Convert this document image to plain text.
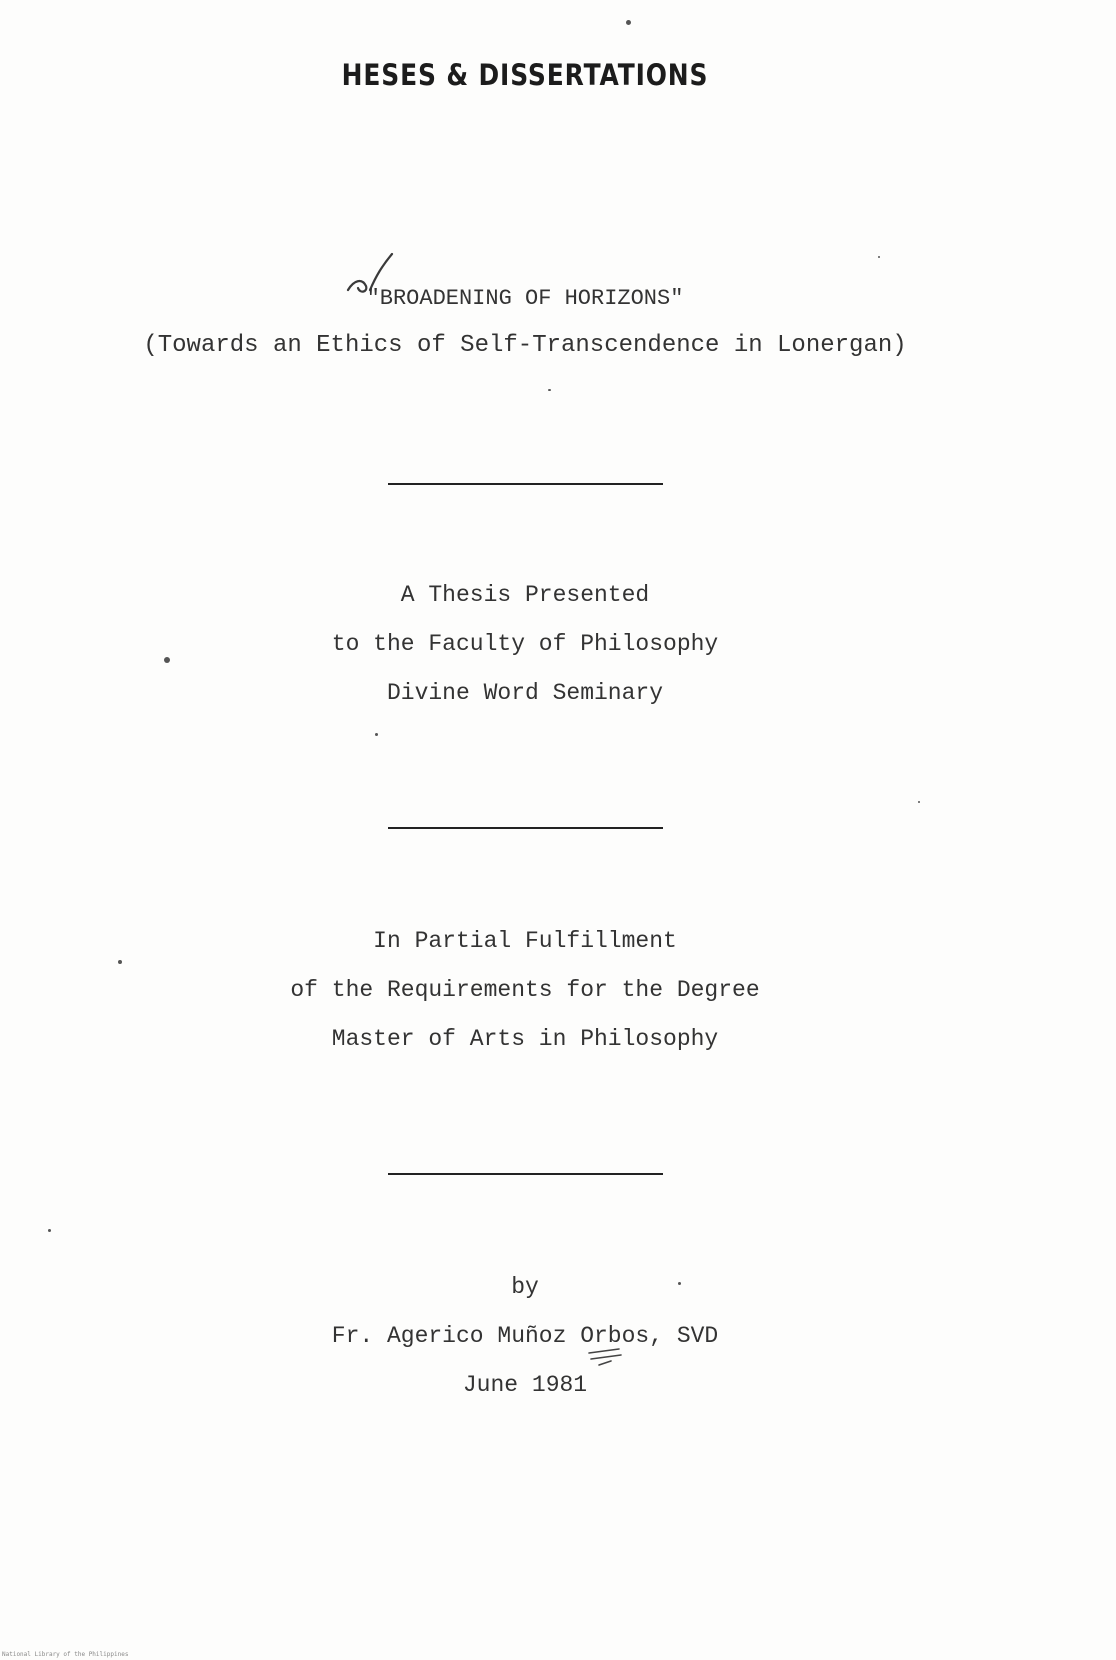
HESES & DISSERTATIONS
"BROADENING OF HORIZONS"
(Towards an Ethics of Self-Transcendence in Lonergan)
A Thesis Presented
to the Faculty of Philosophy
Divine Word Seminary
In Partial Fulfillment
of the Requirements for the Degree
Master of Arts in Philosophy
by
Fr. Agerico Muñoz Orbos, SVD
June 1981
National Library of the Philippines
